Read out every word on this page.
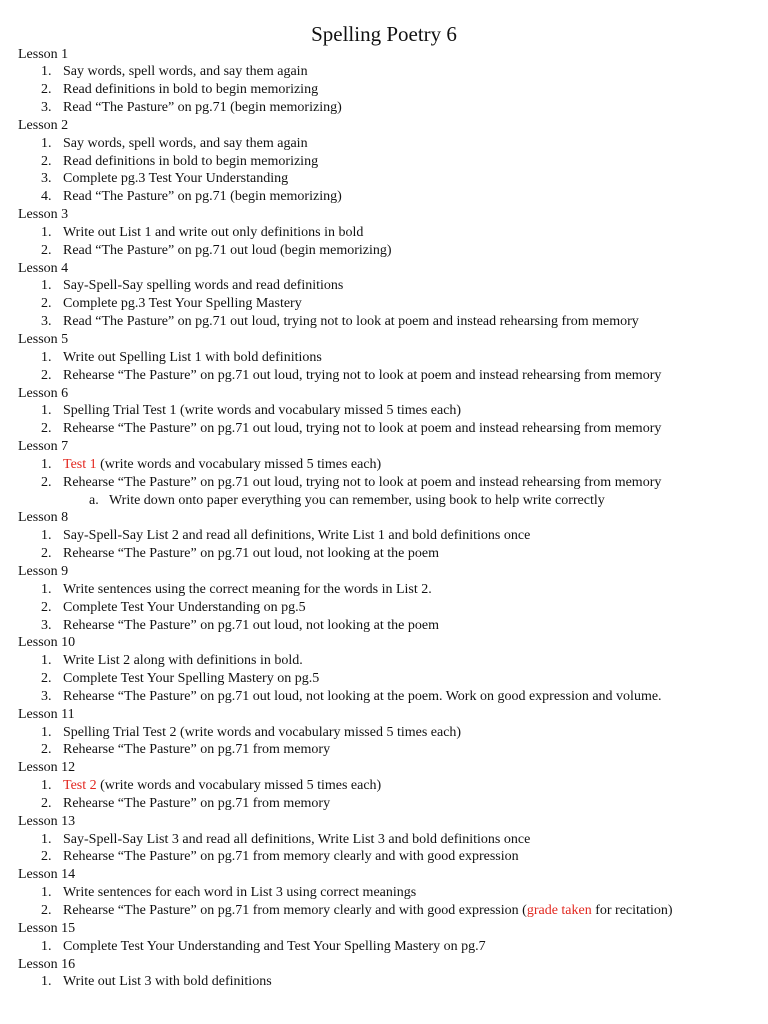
Spelling Poetry 6
Lesson 1
1. Say words, spell words, and say them again
2. Read definitions in bold to begin memorizing
3. Read “The Pasture” on pg.71 (begin memorizing)
Lesson 2
1. Say words, spell words, and say them again
2. Read definitions in bold to begin memorizing
3. Complete pg.3 Test Your Understanding
4. Read “The Pasture” on pg.71 (begin memorizing)
Lesson 3
1. Write out List 1 and write out only definitions in bold
2. Read “The Pasture” on pg.71 out loud (begin memorizing)
Lesson 4
1. Say-Spell-Say spelling words and read definitions
2. Complete pg.3 Test Your Spelling Mastery
3. Read “The Pasture” on pg.71 out loud, trying not to look at poem and instead rehearsing from memory
Lesson 5
1. Write out Spelling List 1 with bold definitions
2. Rehearse “The Pasture” on pg.71 out loud, trying not to look at poem and instead rehearsing from memory
Lesson 6
1. Spelling Trial Test 1 (write words and vocabulary missed 5 times each)
2. Rehearse “The Pasture” on pg.71 out loud, trying not to look at poem and instead rehearsing from memory
Lesson 7
1. Test 1 (write words and vocabulary missed 5 times each)
2. Rehearse “The Pasture” on pg.71 out loud, trying not to look at poem and instead rehearsing from memory
a. Write down onto paper everything you can remember, using book to help write correctly
Lesson 8
1. Say-Spell-Say List 2 and read all definitions, Write List 1 and bold definitions once
2. Rehearse “The Pasture” on pg.71 out loud, not looking at the poem
Lesson 9
1. Write sentences using the correct meaning for the words in List 2.
2. Complete Test Your Understanding on pg.5
3. Rehearse “The Pasture” on pg.71 out loud, not looking at the poem
Lesson 10
1. Write List 2 along with definitions in bold.
2. Complete Test Your Spelling Mastery on pg.5
3. Rehearse “The Pasture” on pg.71 out loud, not looking at the poem. Work on good expression and volume.
Lesson 11
1. Spelling Trial Test 2 (write words and vocabulary missed 5 times each)
2. Rehearse “The Pasture” on pg.71 from memory
Lesson 12
1. Test 2 (write words and vocabulary missed 5 times each)
2. Rehearse “The Pasture” on pg.71 from memory
Lesson 13
1. Say-Spell-Say List 3 and read all definitions, Write List 3 and bold definitions once
2. Rehearse “The Pasture” on pg.71 from memory clearly and with good expression
Lesson 14
1. Write sentences for each word in List 3 using correct meanings
2. Rehearse “The Pasture” on pg.71 from memory clearly and with good expression (grade taken for recitation)
Lesson 15
1. Complete Test Your Understanding and Test Your Spelling Mastery on pg.7
Lesson 16
1. Write out List 3 with bold definitions
